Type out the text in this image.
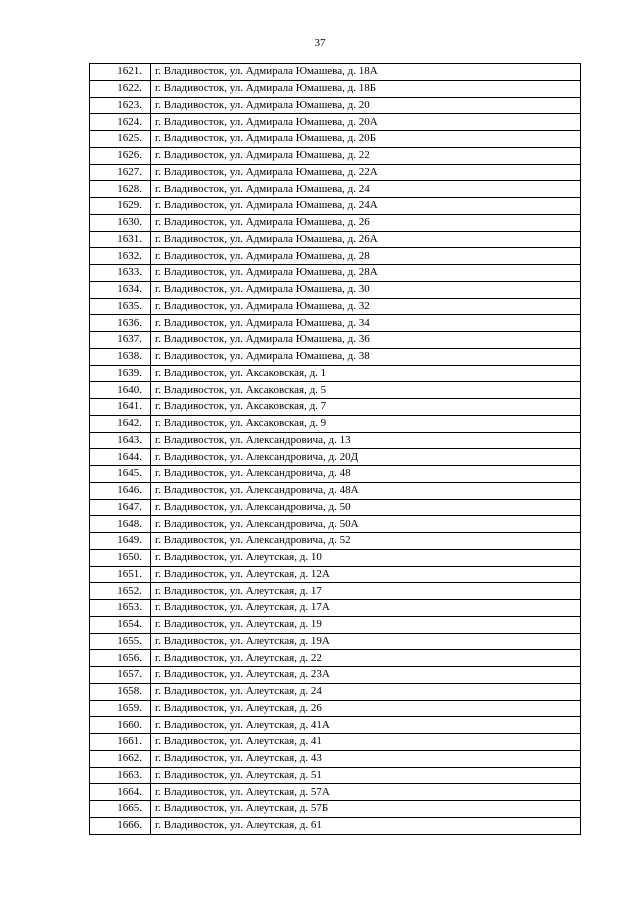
37
1621.	г. Владивосток, ул. Адмирала Юмашева, д. 18А
1622.	г. Владивосток, ул. Адмирала Юмашева, д. 18Б
1623.	г. Владивосток, ул. Адмирала Юмашева, д. 20
1624.	г. Владивосток, ул. Адмирала Юмашева, д. 20А
1625.	г. Владивосток, ул. Адмирала Юмашева, д. 20Б
1626.	г. Владивосток, ул. Адмирала Юмашева, д. 22
1627.	г. Владивосток, ул. Адмирала Юмашева, д. 22А
1628.	г. Владивосток, ул. Адмирала Юмашева, д. 24
1629.	г. Владивосток, ул. Адмирала Юмашева, д. 24А
1630.	г. Владивосток, ул. Адмирала Юмашева, д. 26
1631.	г. Владивосток, ул. Адмирала Юмашева, д. 26А
1632.	г. Владивосток, ул. Адмирала Юмашева, д. 28
1633.	г. Владивосток, ул. Адмирала Юмашева, д. 28А
1634.	г. Владивосток, ул. Адмирала Юмашева, д. 30
1635.	г. Владивосток, ул. Адмирала Юмашева, д. 32
1636.	г. Владивосток, ул. Адмирала Юмашева, д. 34
1637.	г. Владивосток, ул. Адмирала Юмашева, д. 36
1638.	г. Владивосток, ул. Адмирала Юмашева, д. 38
1639.	г. Владивосток, ул. Аксаковская, д. 1
1640.	г. Владивосток, ул. Аксаковская, д. 5
1641.	г. Владивосток, ул. Аксаковская, д. 7
1642.	г. Владивосток, ул. Аксаковская, д. 9
1643.	г. Владивосток, ул. Александровича, д. 13
1644.	г. Владивосток, ул. Александровича, д. 20Д
1645.	г. Владивосток, ул. Александровича, д. 48
1646.	г. Владивосток, ул. Александровича, д. 48А
1647.	г. Владивосток, ул. Александровича, д. 50
1648.	г. Владивосток, ул. Александровича, д. 50А
1649.	г. Владивосток, ул. Александровича, д. 52
1650.	г. Владивосток, ул. Алеутская, д. 10
1651.	г. Владивосток, ул. Алеутская, д. 12А
1652.	г. Владивосток, ул. Алеутская, д. 17
1653.	г. Владивосток, ул. Алеутская, д. 17А
1654.	г. Владивосток, ул. Алеутская, д. 19
1655.	г. Владивосток, ул. Алеутская, д. 19А
1656.	г. Владивосток, ул. Алеутская, д. 22
1657.	г. Владивосток, ул. Алеутская, д. 23А
1658.	г. Владивосток, ул. Алеутская, д. 24
1659.	г. Владивосток, ул. Алеутская, д. 26
1660.	г. Владивосток, ул. Алеутская, д. 41А
1661.	г. Владивосток, ул. Алеутская, д. 41
1662.	г. Владивосток, ул. Алеутская, д. 43
1663.	г. Владивосток, ул. Алеутская, д. 51
1664.	г. Владивосток, ул. Алеутская, д. 57А
1665.	г. Владивосток, ул. Алеутская, д. 57Б
1666.	г. Владивосток, ул. Алеутская, д. 61
